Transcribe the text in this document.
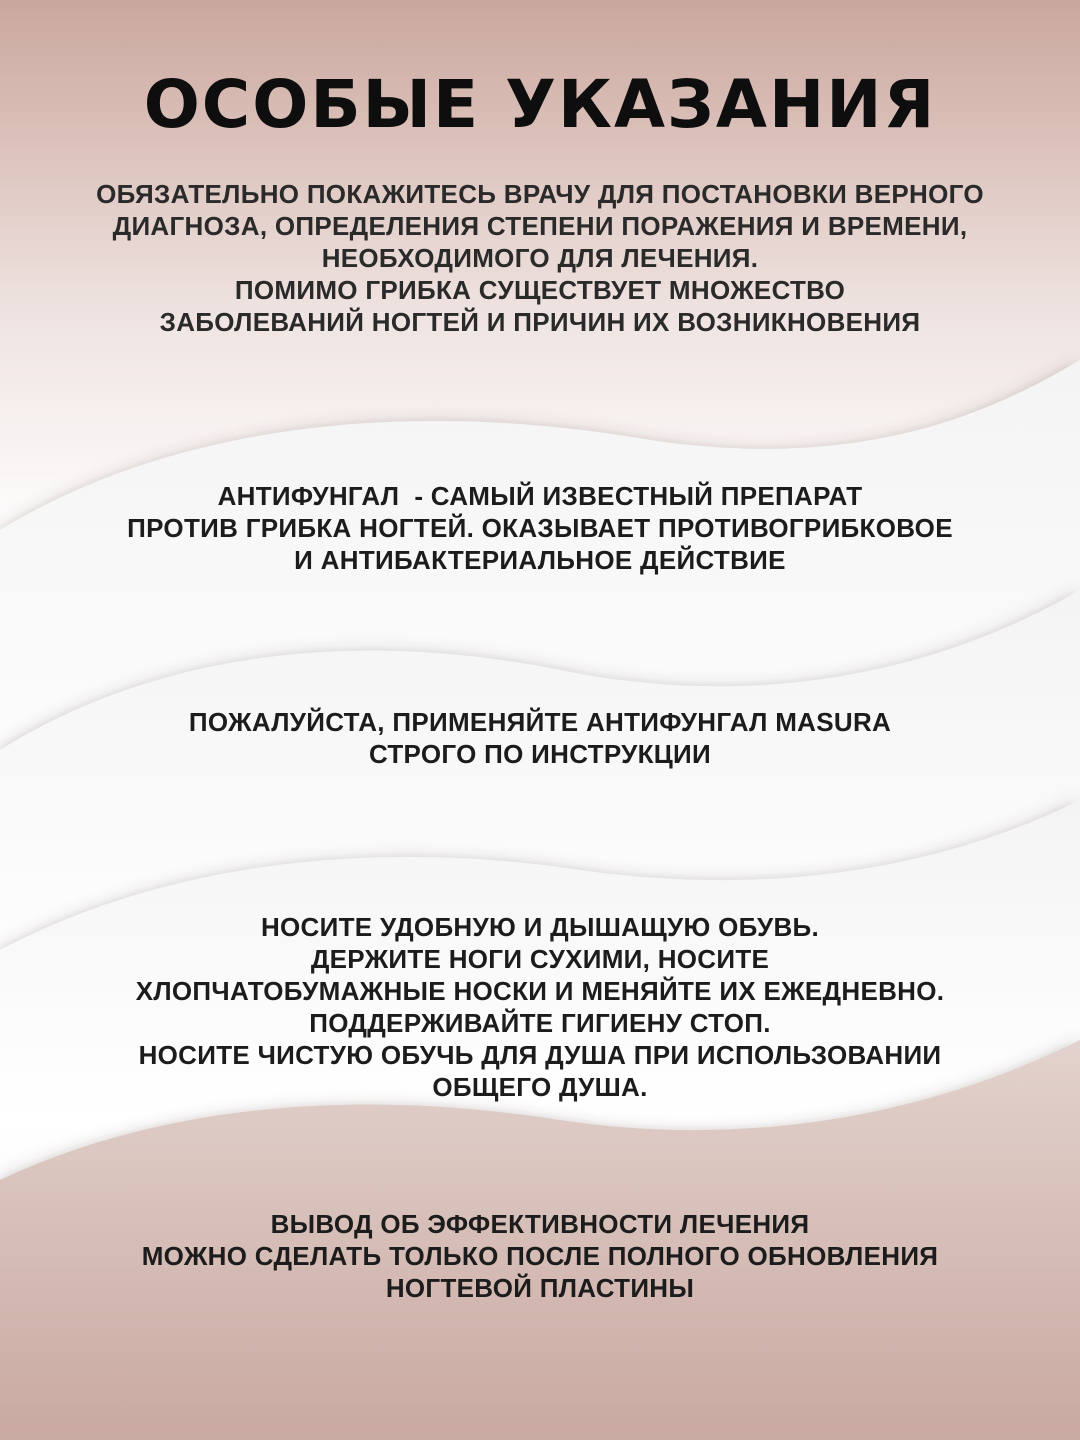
ОСОБЫЕ УКАЗАНИЯ
ОБЯЗАТЕЛЬНО ПОКАЖИТЕСЬ ВРАЧУ ДЛЯ ПОСТАНОВКИ ВЕРНОГО
ДИАГНОЗА, ОПРЕДЕЛЕНИЯ СТЕПЕНИ ПОРАЖЕНИЯ И ВРЕМЕНИ,
НЕОБХОДИМОГО ДЛЯ ЛЕЧЕНИЯ.
ПОМИМО ГРИБКА СУЩЕСТВУЕТ МНОЖЕСТВО
ЗАБОЛЕВАНИЙ НОГТЕЙ И ПРИЧИН ИХ ВОЗНИКНОВЕНИЯ
АНТИФУНГАЛ  - САМЫЙ ИЗВЕСТНЫЙ ПРЕПАРАТ
ПРОТИВ ГРИБКА НОГТЕЙ. ОКАЗЫВАЕТ ПРОТИВОГРИБКОВОЕ
И АНТИБАКТЕРИАЛЬНОЕ ДЕЙСТВИЕ
ПОЖАЛУЙСТА, ПРИМЕНЯЙТЕ АНТИФУНГАЛ MASURA
СТРОГО ПО ИНСТРУКЦИИ
НОСИТЕ УДОБНУЮ И ДЫШАЩУЮ ОБУВЬ.
ДЕРЖИТЕ НОГИ СУХИМИ, НОСИТЕ
ХЛОПЧАТОБУМАЖНЫЕ НОСКИ И МЕНЯЙТЕ ИХ ЕЖЕДНЕВНО.
ПОДДЕРЖИВАЙТЕ ГИГИЕНУ СТОП.
НОСИТЕ ЧИСТУЮ ОБУЧЬ ДЛЯ ДУША ПРИ ИСПОЛЬЗОВАНИИ
ОБЩЕГО ДУША.
ВЫВОД ОБ ЭФФЕКТИВНОСТИ ЛЕЧЕНИЯ
МОЖНО СДЕЛАТЬ ТОЛЬКО ПОСЛЕ ПОЛНОГО ОБНОВЛЕНИЯ
НОГТЕВОЙ ПЛАСТИНЫ
